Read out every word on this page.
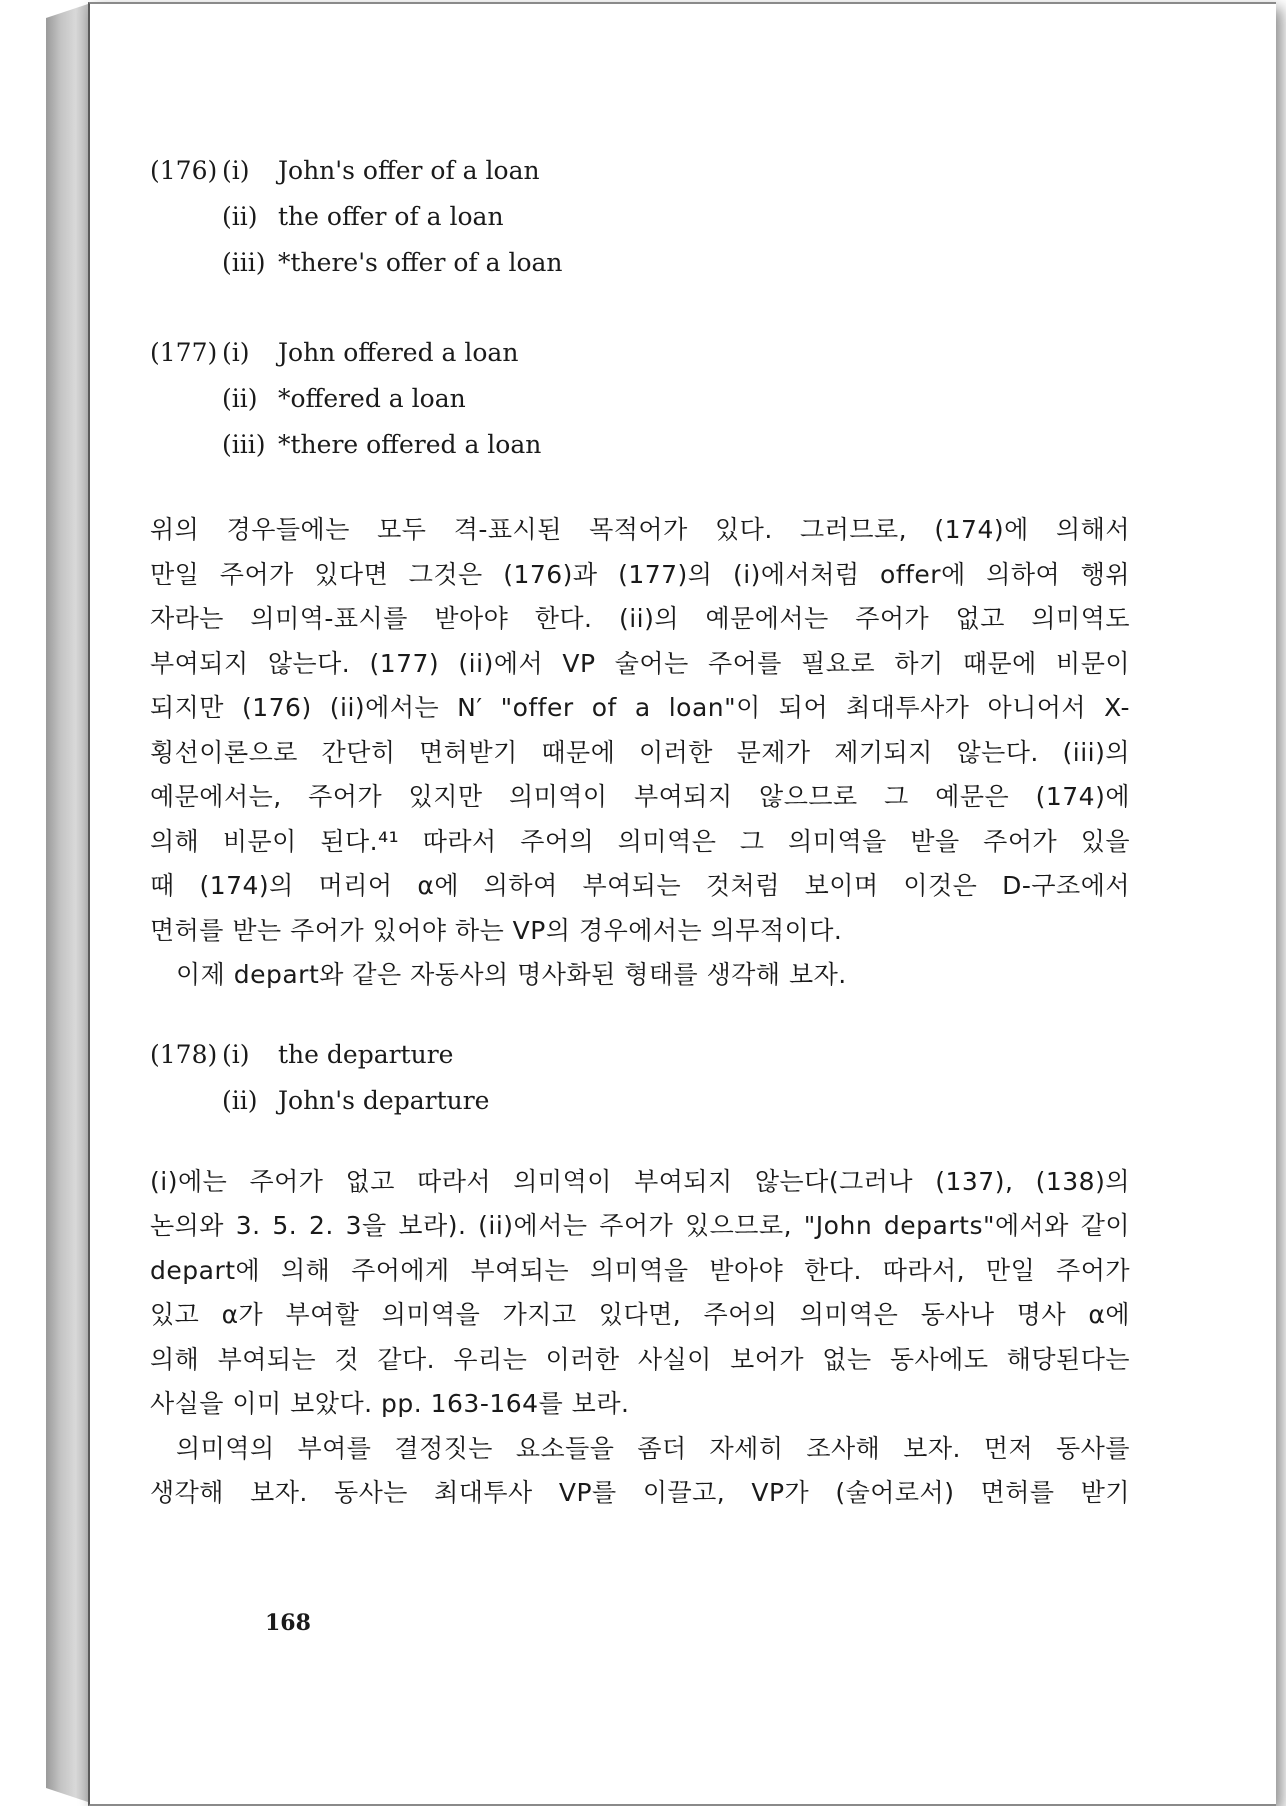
(176) (i)	John's offer of a loan
(ii) the offer of a loan
(iii) *there's offer of a loan
(177) (i)	John offered a loan
(ii) *offered a loan
(iii) *there offered a loan
위의 경우들에는 모두 격-표시된 목적어가 있다. 그러므로, (174)에 의해서
만일 주어가 있다면 그것은 (176)과 (177)의 (i)에서처럼 offer에 의하여 행위
자라는 의미역-표시를 받아야 한다. (ii)의 예문에서는 주어가 없고 의미역도
부여되지 않는다. (177) (ii)에서 VP 술어는 주어를 필요로 하기 때문에 비문이
되지만 (176) (ii)에서는 N′ "offer of a loan"이 되어 최대투사가 아니어서 X-
횡선이론으로 간단히 면허받기 때문에 이러한 문제가 제기되지 않는다. (iii)의
예문에서는, 주어가 있지만 의미역이 부여되지 않으므로 그 예문은 (174)에
의해 비문이 된다.⁴¹ 따라서 주어의 의미역은 그 의미역을 받을 주어가 있을
때 (174)의 머리어 α에 의하여 부여되는 것처럼 보이며 이것은 D-구조에서
면허를 받는 주어가 있어야 하는 VP의 경우에서는 의무적이다.
이제 depart와 같은 자동사의 명사화된 형태를 생각해 보자.
(178) (i)	the departure
(ii) John's departure
(i)에는 주어가 없고 따라서 의미역이 부여되지 않는다(그러나 (137), (138)의
논의와 3. 5. 2. 3을 보라). (ii)에서는 주어가 있으므로, "John departs"에서와 같이
depart에 의해 주어에게 부여되는 의미역을 받아야 한다. 따라서, 만일 주어가
있고 α가 부여할 의미역을 가지고 있다면, 주어의 의미역은 동사나 명사 α에
의해 부여되는 것 같다. 우리는 이러한 사실이 보어가 없는 동사에도 해당된다는
사실을 이미 보았다. pp. 163-164를 보라.
의미역의 부여를 결정짓는 요소들을 좀더 자세히 조사해 보자. 먼저 동사를
생각해 보자. 동사는 최대투사 VP를 이끌고, VP가 (술어로서) 면허를 받기
168
